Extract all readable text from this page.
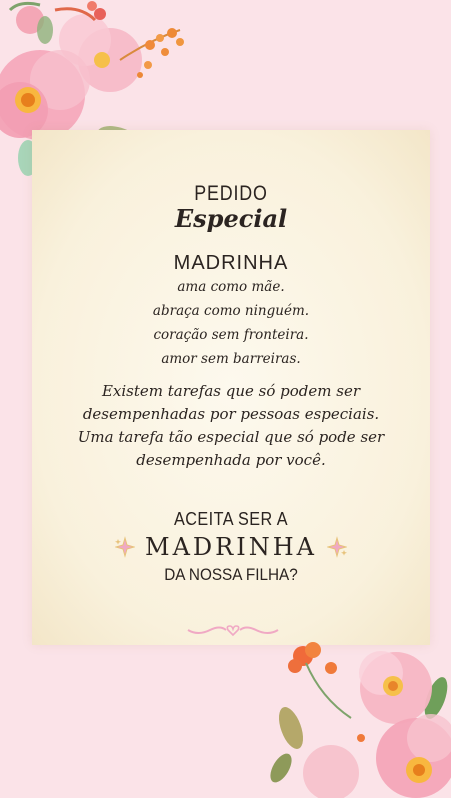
PEDIDO
Especial
MADRINHA
ama como mãe.
abraça como ninguém.
coração sem fronteira.
amor sem barreiras.
Existem tarefas que só podem ser
desempenhadas por pessoas especiais.
Uma tarefa tão especial que só pode ser
desempenhada por você.
ACEITA SER A
MADRINHA
DA NOSSA FILHA?
